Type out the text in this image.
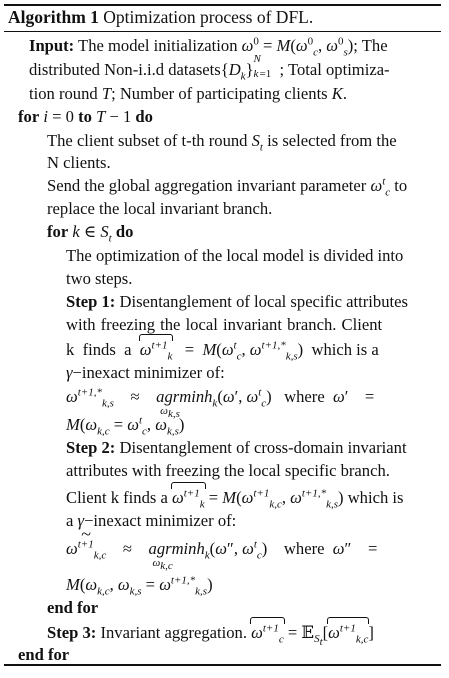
Algorithm 1 Optimization process of DFL.
Input: The model initialization $\omega^0 = M(\omega^0_c$, $\omega^0_s$); The
distributed Non-i.i.d $datasets\{D_k\}$
N
k =1 ; Total optimiza-
tion round T; Number of participating clients K.
for i = 0 to T − 1 do
The client subset of t-th round $S_t$ is selected from the
N clients.
Send the global aggregation invariant parameter $\omega^t_c$ to
replace the local invariant branch.
for k ∈ $S_t$ do
The optimization of the local model is divided into
two steps.
Step 1: Disentanglement of local specific attributes
with freezing the local invariant branch. Client
k  finds  a  $\omega^{t+1}_k = M(\omega^t_c$, $\omega^{t+1,*}_{k,s}$)  which is a
γ−inexact minimizer of:
$\omega^{t+1,*}_{k,s}$    ≈    agrminh$_k$(ω′, $\omega^t_c$)
$\omega_{k,s}$
where  ω′    =
$M(\omega_{k,c} = \omega^t_c$, $\omega_{k,s}$)
Step 2: Disentanglement of cross-domain invariant
attributes with freezing the local specific branch.
Client k finds a $\omega^{t+1}_k = M(\omega^{t+1}_{k,c}$, $\omega^{t+1,*}_{k,s}$) which is
a γ−inexact minimizer of:
~ $\omega^{t+1}_{k,c}$    ≈    agrminh$_k$(ω″, $\omega^t_c$)
$\omega_{k,c}$
where  ω″    =
$M(\omega_{k,c}$, $\omega_{k,s} = \omega^{t+1,*}_{k,s}$)
end for
Step 3: Invariant aggregation. $\omega^{t+1}_c$ = $𝔼_{S_t}[\omega^{t+1}_{k,c}]$
end for
